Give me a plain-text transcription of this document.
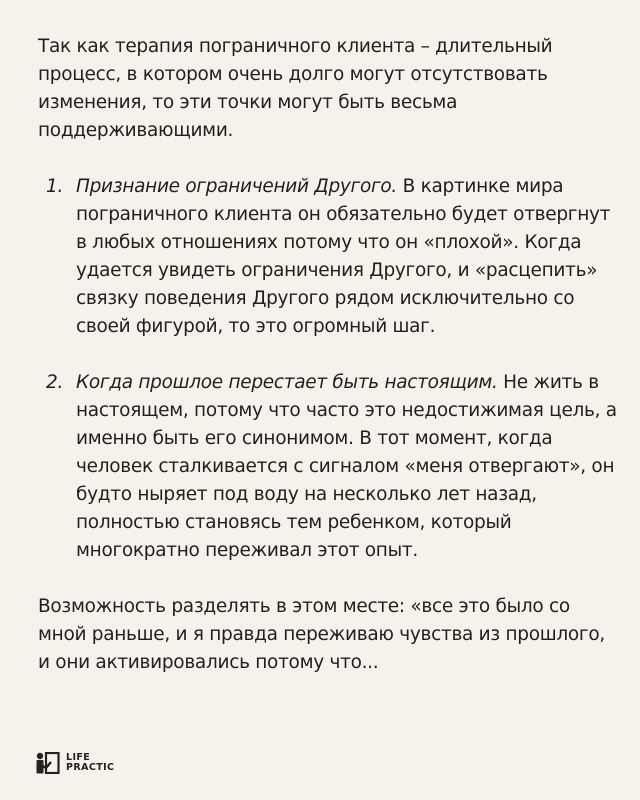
Так как терапия пограничного клиента – длительный процесс, в котором очень долго могут отсутствовать изменения, то эти точки могут быть весьма поддерживающими.

1. Признание ограничений Другого. В картинке мира пограничного клиента он обязательно будет отвергнут в любых отношениях потому что он «плохой». Когда удается увидеть ограничения Другого, и «расцепить» связку поведения Другого рядом исключительно со своей фигурой, то это огромный шаг.
2. Когда прошлое перестает быть настоящим. Не жить в настоящем, потому что часто это недостижимая цель, а именно быть его синонимом. В тот момент, когда человек сталкивается с сигналом «меня отвергают», он будто ныряет под воду на несколько лет назад, полностью становясь тем ребенком, который многократно переживал этот опыт.

Возможность разделять в этом месте: «все это было со мной раньше, и я правда переживаю чувства из прошлого, и они активировались потому что...

LIFE
PRACTIC
